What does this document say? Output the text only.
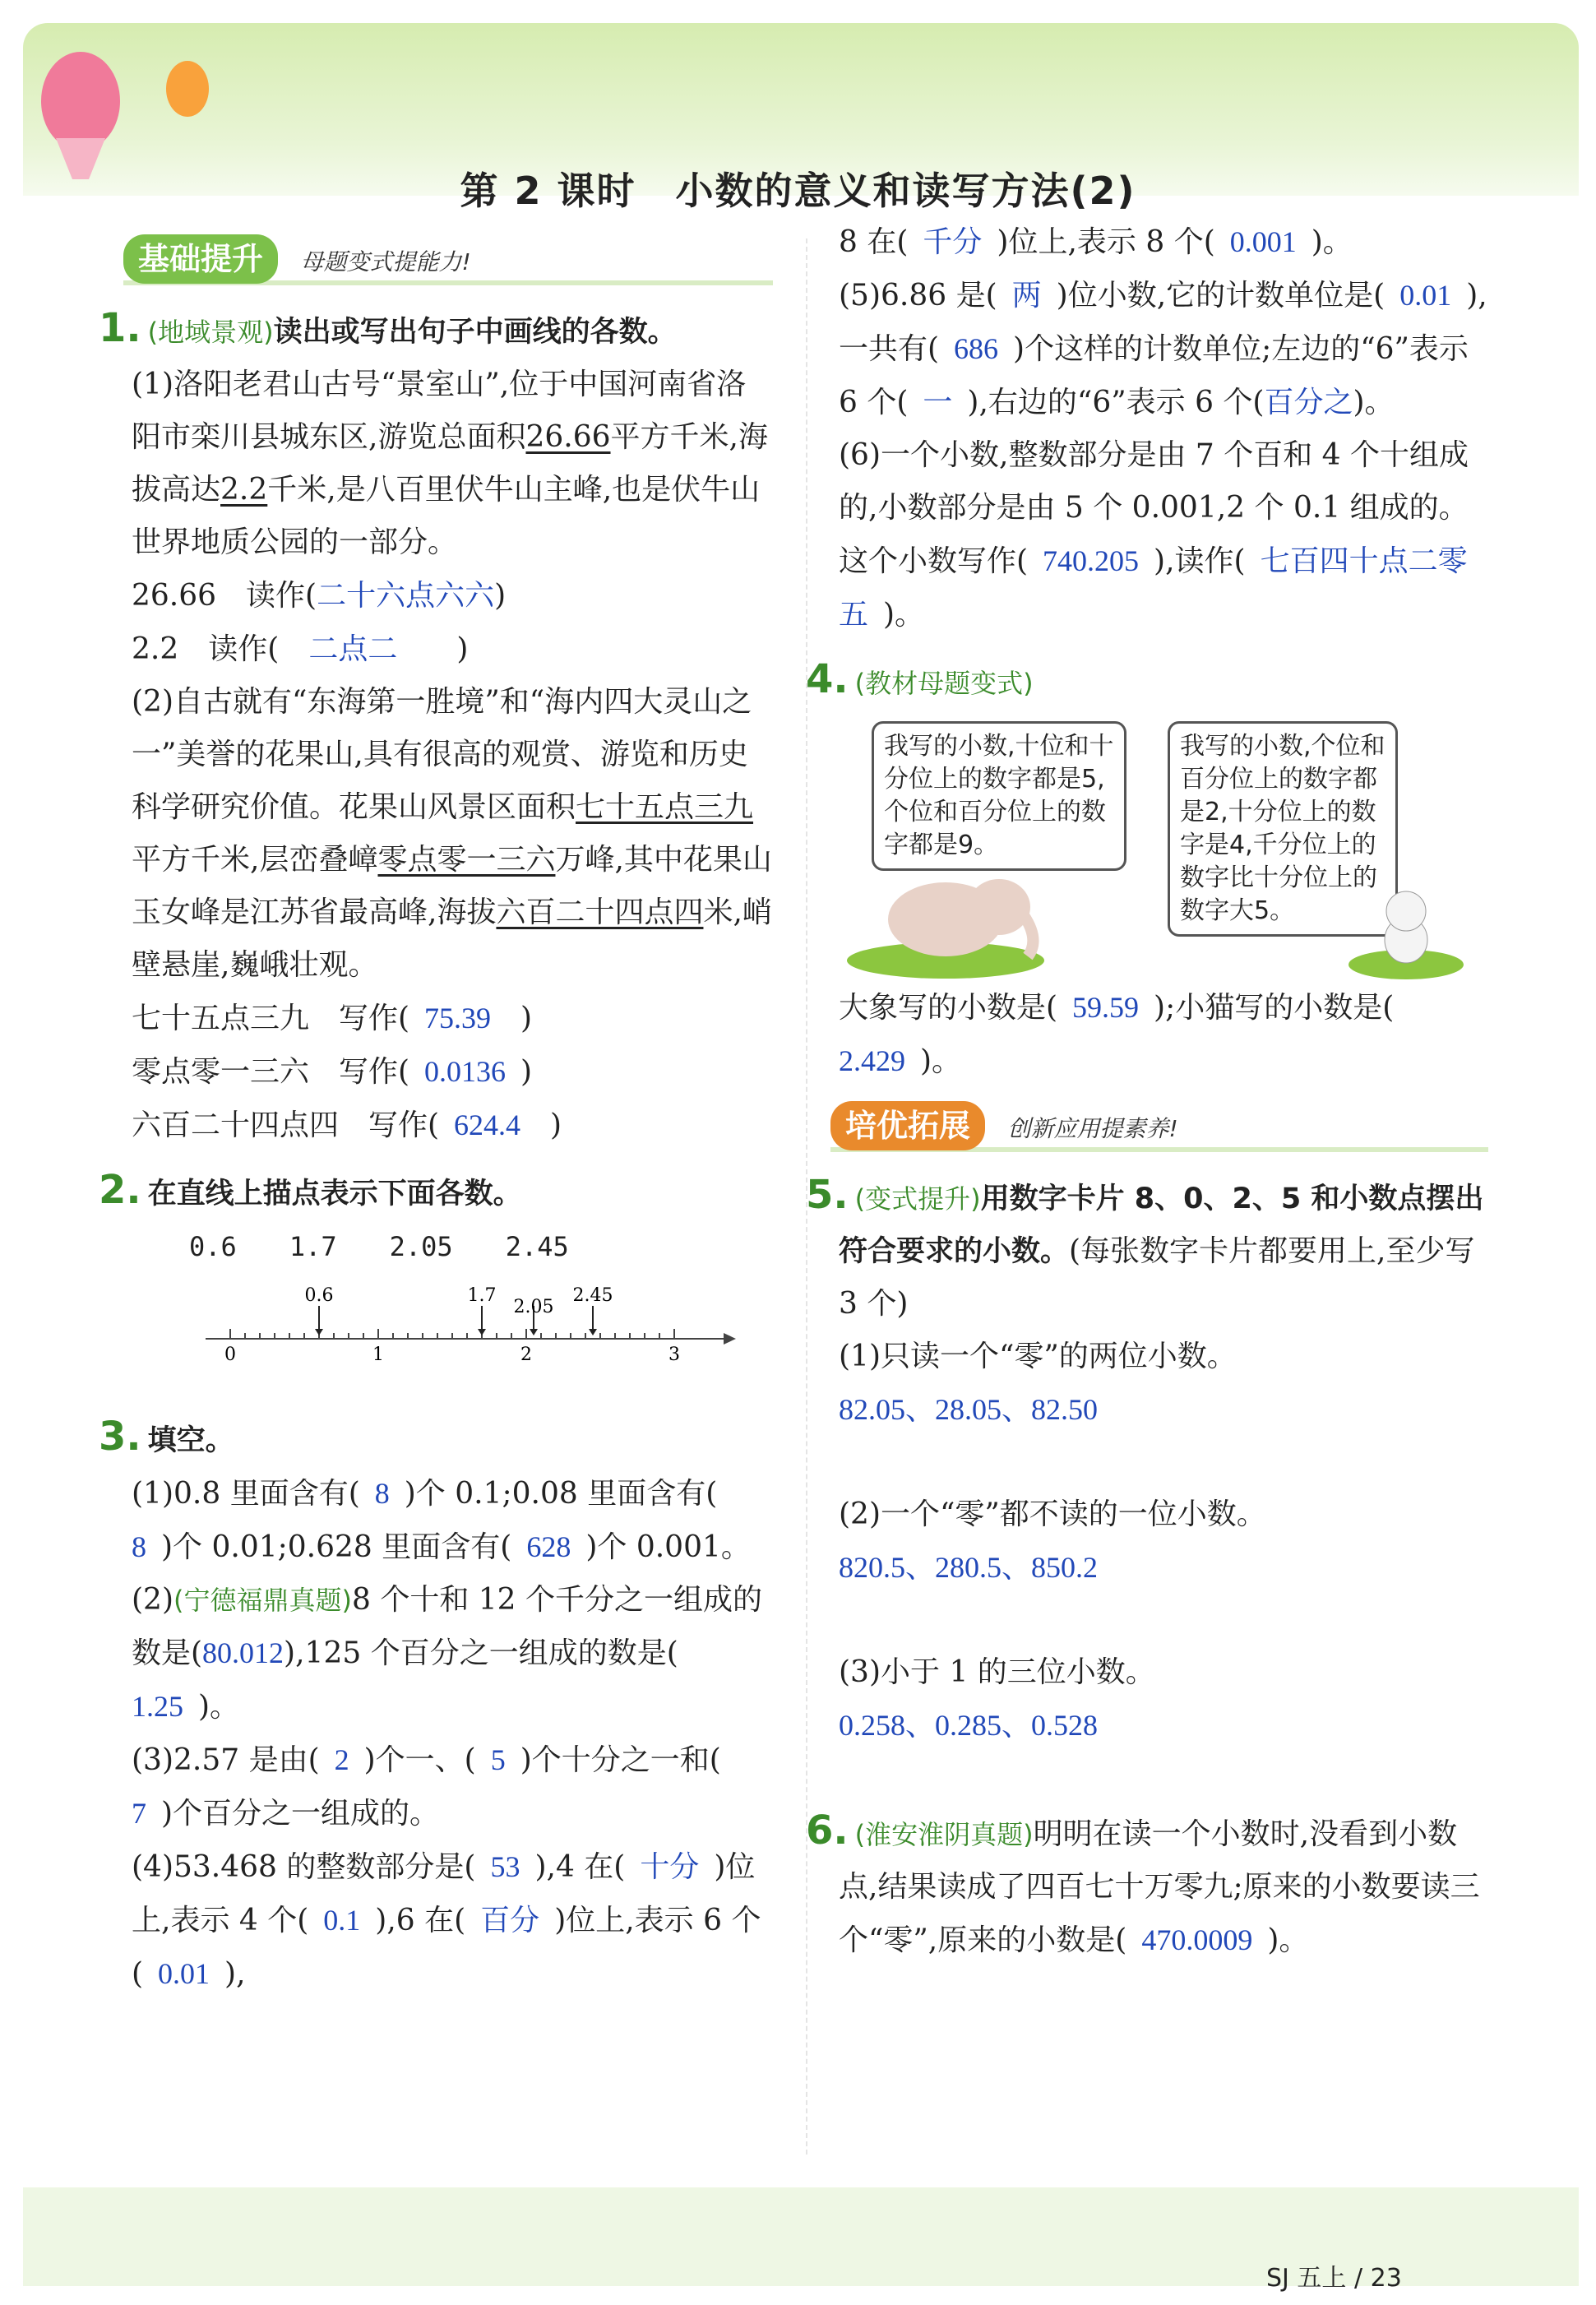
第 2 课时　小数的意义和读写方法(2)
基础提升 母题变式提能力!

1. (地域景观)读出或写出句子中画线的各数。

(1)洛阳老君山古号“景室山”,位于中国河南省洛阳市栾川县城东区,游览总面积26.66平方千米,海拔高达2.2千米,是八百里伏牛山主峰,也是伏牛山世界地质公园的一部分。

26.66　读作(二十六点六六)

2.2　读作(　 二点二　　 )

(2)自古就有“东海第一胜境”和“海内四大灵山之一”美誉的花果山,具有很高的观赏、游览和历史科学研究价值。花果山风景区面积七十五点三九平方千米,层峦叠嶂零点零一三六万峰,其中花果山玉女峰是江苏省最高峰,海拔六百二十四点四米,峭壁悬崖,巍峨壮观。

七十五点三九　写作(  75.39   )

零点零一三六　写作(  0.0136  )

六百二十四点四　写作(  624.4   )

2. 在直线上描点表示下面各数。

0.6　　 1.7　　 2.05　　 2.45

0	1	2	3
0.6	1.7
2.05
2.45

3. 填空。

(1)0.8 里面含有(  8  )个 0.1;0.08 里面含有( 8  )个 0.01;0.628 里面含有(  628  )个 0.001。

(2)(宁德福鼎真题)8 个十和 12 个千分之一组成的数是(80.012),125 个百分之一组成的数是( 1.25  )。

(3)2.57 是由(  2  )个一、(  5  )个十分之一和( 7  )个百分之一组成的。

(4)53.468 的整数部分是(  53  ),4 在(  十分  )位上,表示 4 个(  0.1  ),6 在(  百分  )位上,表示 6 个(  0.01  ),

8 在(  千分  )位上,表示 8 个(  0.001  )。

(5)6.86 是(  两  )位小数,它的计数单位是(  0.01  ),一共有(  686  )个这样的计数单位;左边的“6”表示 6 个(  一  ),右边的“6”表示 6 个(百分之)。

(6)一个小数,整数部分是由 7 个百和 4 个十组成的,小数部分是由 5 个 0.001,2 个 0.1 组成的。这个小数写作(  740.205  ),读作(  七百四十点二零五  )。

4. (教材母题变式)

我写的小数,十位和十分位上的数字都是5,个位和百分位上的数字都是9。
我写的小数,个位和百分位上的数字都是2,十分位上的数字是4,千分位上的数字比十分位上的数字大5。

大象写的小数是(  59.59  );小猫写的小数是( 2.429  )。

培优拓展 创新应用提素养!

5. (变式提升)用数字卡片 8、0、2、5 和小数点摆出符合要求的小数。(每张数字卡片都要用上,至少写 3 个)

(1)只读一个“零”的两位小数。

82.05、28.05、82.50

(2)一个“零”都不读的一位小数。

820.5、280.5、850.2

(3)小于 1 的三位小数。

0.258、0.285、0.528

6. (淮安淮阴真题)明明在读一个小数时,没看到小数点,结果读成了四百七十万零九;原来的小数要读三个“零”,原来的小数是(  470.0009  )。

SJ 五上 / 23
